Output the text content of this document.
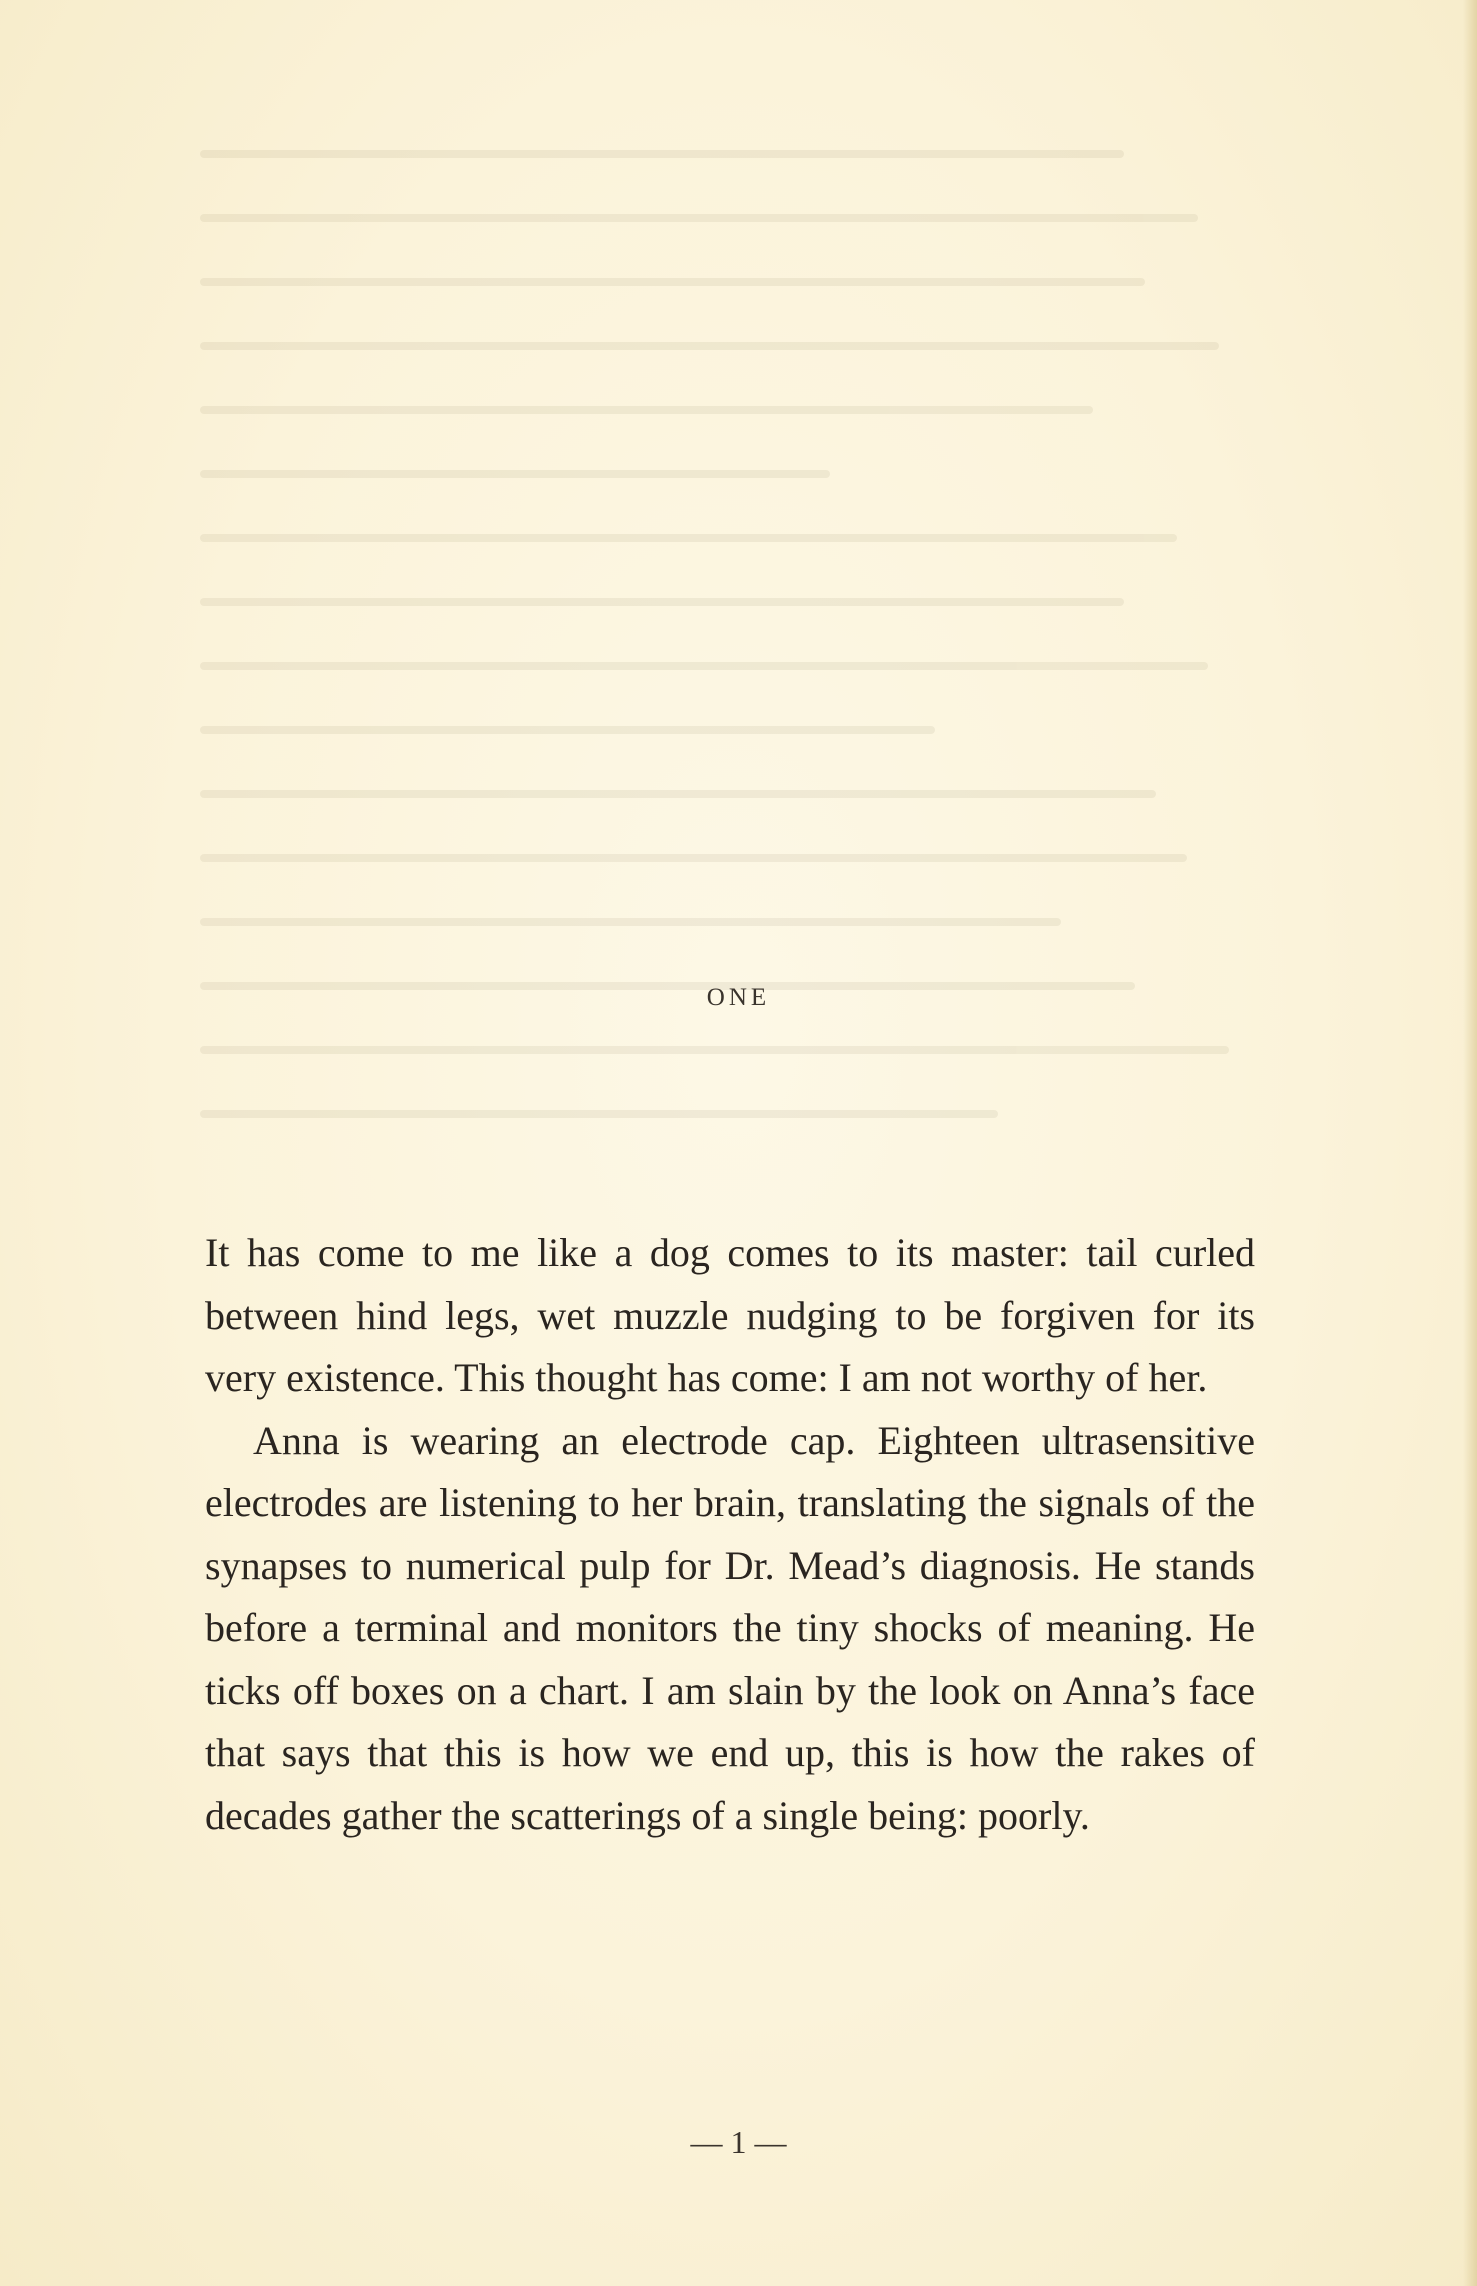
ONE

It has come to me like a dog comes to its master: tail curled between hind legs, wet muzzle nudging to be forgiven for its very existence. This thought has come: I am not worthy of her.

Anna is wearing an electrode cap. Eighteen ultrasensitive electrodes are listening to her brain, translating the signals of the synapses to numerical pulp for Dr. Mead’s diagnosis. He stands before a terminal and monitors the tiny shocks of meaning. He ticks off boxes on a chart. I am slain by the look on Anna’s face that says that this is how we end up, this is how the rakes of decades gather the scatterings of a single being: poorly.

— 1 —
